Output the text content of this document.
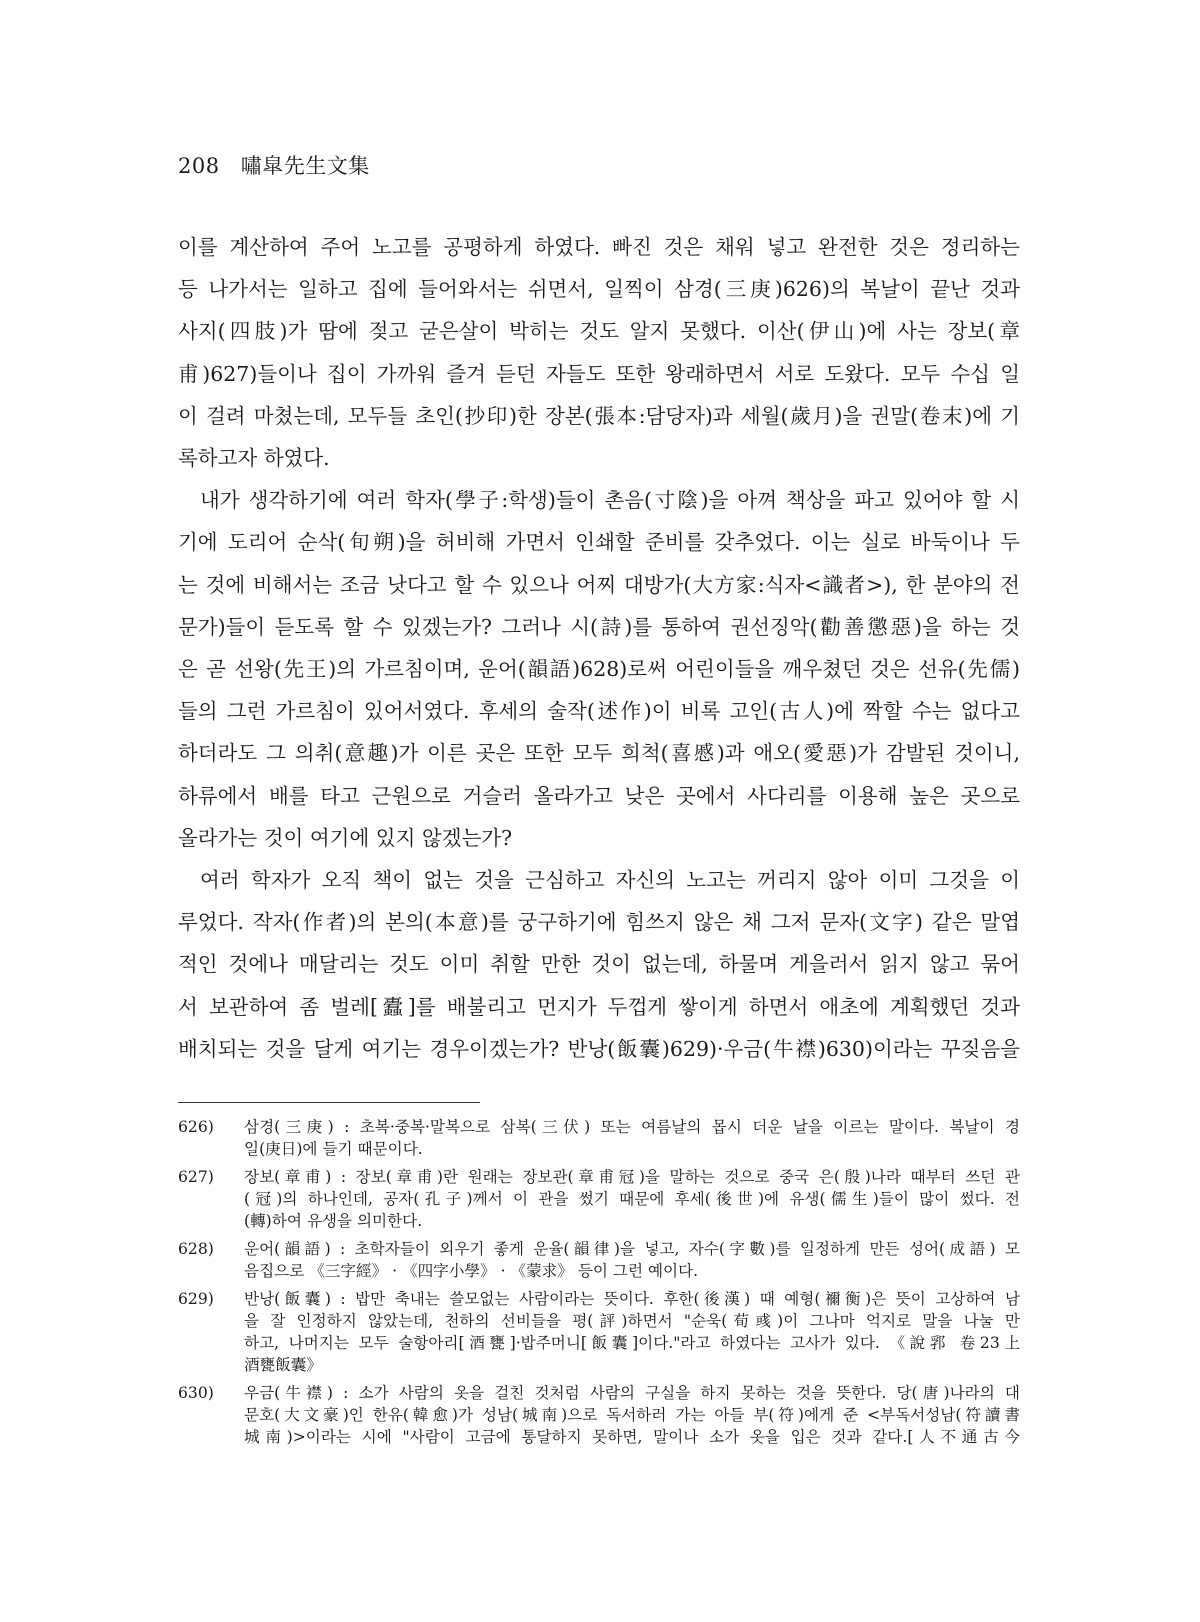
208 嘯皐先生文集
이를 계산하여 주어 노고를 공평하게 하였다. 빠진 것은 채워 넣고 완전한 것은 정리하는
등 나가서는 일하고 집에 들어와서는 쉬면서, 일찍이 삼경(三庚)626)의 복날이 끝난 것과
사지(四肢)가 땀에 젖고 굳은살이 박히는 것도 알지 못했다. 이산(伊山)에 사는 장보(章
甫)627)들이나 집이 가까워 즐겨 듣던 자들도 또한 왕래하면서 서로 도왔다. 모두 수십 일
이 걸려 마쳤는데, 모두들 초인(抄印)한 장본(張本:담당자)과 세월(歲月)을 권말(卷末)에 기
록하고자 하였다.
내가 생각하기에 여러 학자(學子:학생)들이 촌음(寸陰)을 아껴 책상을 파고 있어야 할 시
기에 도리어 순삭(旬朔)을 허비해 가면서 인쇄할 준비를 갖추었다. 이는 실로 바둑이나 두
는 것에 비해서는 조금 낫다고 할 수 있으나 어찌 대방가(大方家:식자<識者>), 한 분야의 전
문가)들이 듣도록 할 수 있겠는가? 그러나 시(詩)를 통하여 권선징악(勸善懲惡)을 하는 것
은 곧 선왕(先王)의 가르침이며, 운어(韻語)628)로써 어린이들을 깨우쳤던 것은 선유(先儒)
들의 그런 가르침이 있어서였다. 후세의 술작(述作)이 비록 고인(古人)에 짝할 수는 없다고
하더라도 그 의취(意趣)가 이른 곳은 또한 모두 희척(喜慼)과 애오(愛惡)가 감발된 것이니,
하류에서 배를 타고 근원으로 거슬러 올라가고 낮은 곳에서 사다리를 이용해 높은 곳으로
올라가는 것이 여기에 있지 않겠는가?
여러 학자가 오직 책이 없는 것을 근심하고 자신의 노고는 꺼리지 않아 이미 그것을 이
루었다. 작자(作者)의 본의(本意)를 궁구하기에 힘쓰지 않은 채 그저 문자(文字) 같은 말엽
적인 것에나 매달리는 것도 이미 취할 만한 것이 없는데, 하물며 게을러서 읽지 않고 묶어
서 보관하여 좀 벌레[蠹]를 배불리고 먼지가 두껍게 쌓이게 하면서 애초에 계획했던 것과
배치되는 것을 달게 여기는 경우이겠는가? 반낭(飯囊)629)·우금(牛襟)630)이라는 꾸짖음을
626)	삼경(三庚) : 초복·중복·말복으로 삼복(三伏) 또는 여름날의 몹시 더운 날을 이르는 말이다. 복날이 경
일(庚日)에 들기 때문이다.
627)	장보(章甫) : 장보(章甫)란 원래는 장보관(章甫冠)을 말하는 것으로 중국 은(殷)나라 때부터 쓰던 관
(冠)의 하나인데, 공자(孔子)께서 이 관을 썼기 때문에 후세(後世)에 유생(儒生)들이 많이 썼다. 전
(轉)하여 유생을 의미한다.
628)	운어(韻語) : 초학자들이 외우기 좋게 운율(韻律)을 넣고, 자수(字數)를 일정하게 만든 성어(成語) 모
음집으로 《三字經》 · 《四字小學》 · 《蒙求》 등이 그런 예이다.
629)	반낭(飯囊) : 밥만 축내는 쓸모없는 사람이라는 뜻이다. 후한(後漢) 때 예형(禰衡)은 뜻이 고상하여 남
을 잘 인정하지 않았는데, 천하의 선비들을 평(評)하면서 "순욱(荀彧)이 그나마 억지로 말을 나눌 만
하고, 나머지는 모두 술항아리[酒甕]·밥주머니[飯囊]이다."라고 하였다는 고사가 있다. 《說郛 卷23上
酒甕飯囊》
630)	우금(牛襟) : 소가 사람의 옷을 걸친 것처럼 사람의 구실을 하지 못하는 것을 뜻한다. 당(唐)나라의 대
문호(大文豪)인 한유(韓愈)가 성남(城南)으로 독서하러 가는 아들 부(符)에게 준 <부독서성남(符讀書
城南)>이라는 시에 "사람이 고금에 통달하지 못하면, 말이나 소가 옷을 입은 것과 같다.[人不通古今
